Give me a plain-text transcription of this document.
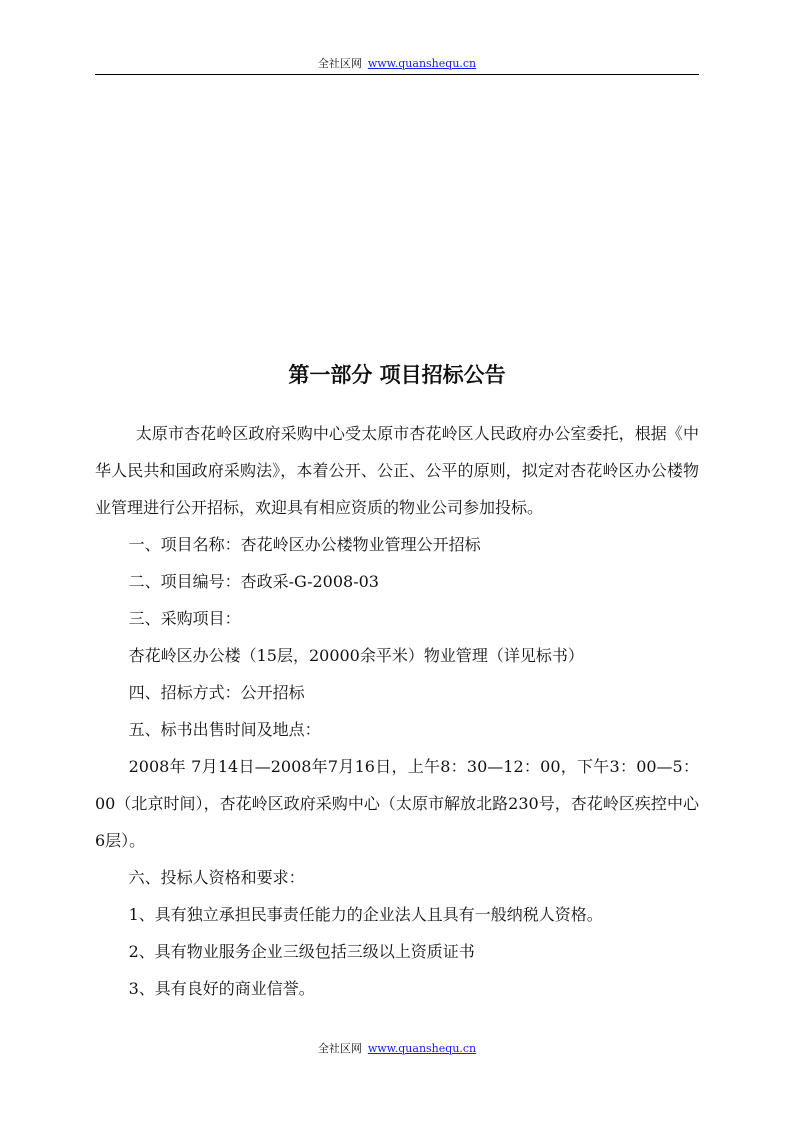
全社区网 www.quanshequ.cn
第一部分 项目招标公告

太原市杏花岭区政府采购中心受太原市杏花岭区人民政府办公室委托，根据《中华人民共和国政府采购法》，本着公开、公正、公平的原则，拟定对杏花岭区办公楼物业管理进行公开招标，欢迎具有相应资质的物业公司参加投标。

一、项目名称：杏花岭区办公楼物业管理公开招标

二、项目编号：杏政采-G-2008-03

三、采购项目：

杏花岭区办公楼（15层，20000余平米）物业管理（详见标书）

四、招标方式：公开招标

五、标书出售时间及地点：

2008年 7月14日—2008年7月16日，上午8：30—12：00，下午3：00—5：00（北京时间），杏花岭区政府采购中心（太原市解放北路230号，杏花岭区疾控中心6层）。

六、投标人资格和要求：

1、具有独立承担民事责任能力的企业法人且具有一般纳税人资格。

2、具有物业服务企业三级包括三级以上资质证书

3、具有良好的商业信誉。

全社区网 www.quanshequ.cn
